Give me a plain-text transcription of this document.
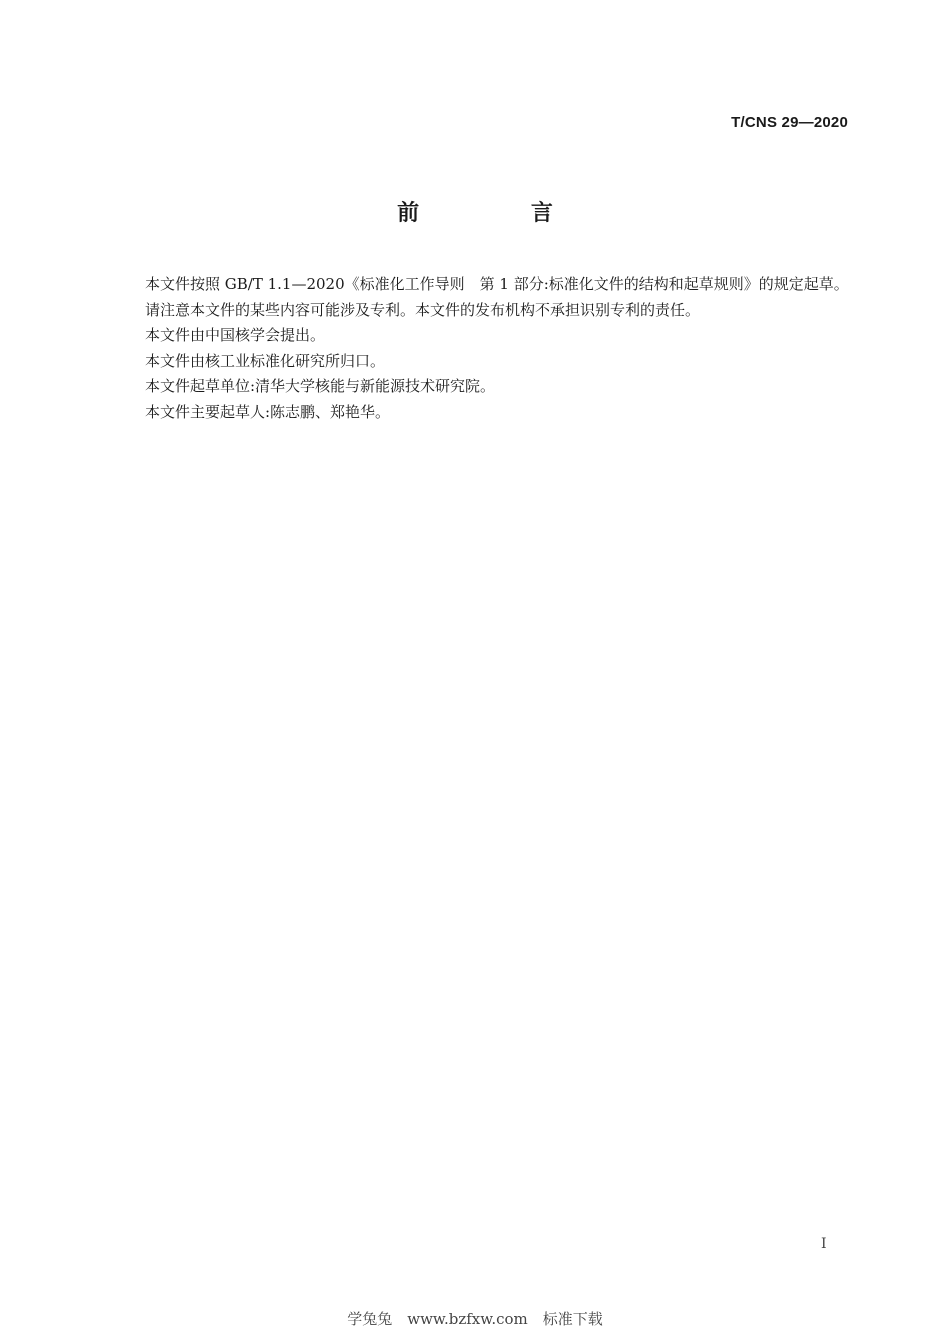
T/CNS 29—2020
前 言

本文件按照 GB/T 1.1—2020《标准化工作导则　第 1 部分:标准化文件的结构和起草规则》的规定起草。

请注意本文件的某些内容可能涉及专利。本文件的发布机构不承担识别专利的责任。

本文件由中国核学会提出。

本文件由核工业标准化研究所归口。

本文件起草单位:清华大学核能与新能源技术研究院。

本文件主要起草人:陈志鹏、郑艳华。

I
学兔兔　www.bzfxw.com　标准下载
